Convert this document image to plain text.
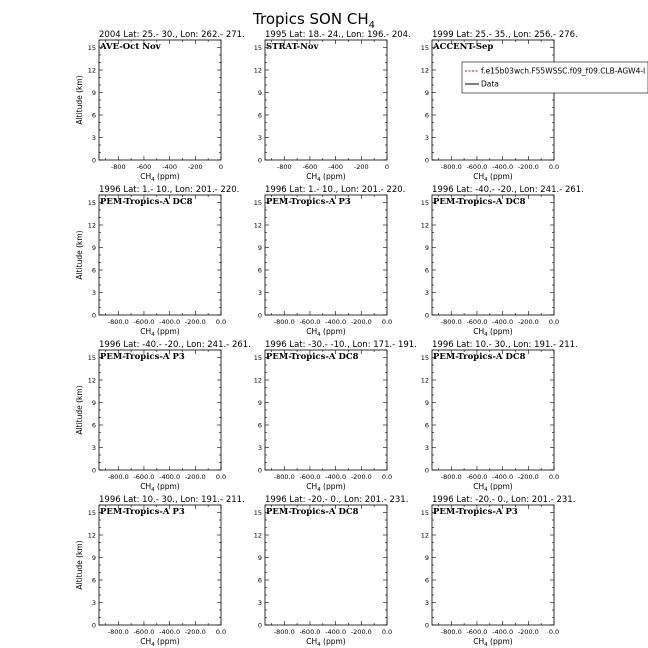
Tropics SON $CH_4$
2004 Lat: 25.- 30., Lon: 262.- 271.
AVE-Oct Nov
0
3
6
9
12
15
-800 -600 -400 -200 0
$CH_4$ (ppm)
Altitude (km)
1995 Lat: 18.- 24., Lon: 196.- 204.
STRAT-Nov
0
3
6
9
12
15
-800 -600 -400 -200 0
$CH_4$ (ppm)
1999 Lat: 25.- 35., Lon: 256.- 276.
ACCENT-Sep
0
3
6
9
12
15
-800.0 -600.0 -400.0 -200.0 0.0
$CH_4$ (ppm)
f.e15b03wch.F55WSSC.f09_f09.CLB-AGW4-I
Data
1996 Lat: 1.- 10., Lon: 201.- 220.
PEM-Tropics-A DC8
0
3
6
9
12
15
-800.0 -600.0 -400.0 -200.0 0.0
$CH_4$ (ppm)
Altitude (km)
1996 Lat: 1.- 10., Lon: 201.- 220.
PEM-Tropics-A P3
0
3
6
9
12
15
-800.0 -600.0 -400.0 -200.0 0.0
$CH_4$ (ppm)
1996 Lat: -40.- -20., Lon: 241.- 261.
PEM-Tropics-A DC8
0
3
6
9
12
15
-800.0 -600.0 -400.0 -200.0 0.0
$CH_4$ (ppm)
1996 Lat: -40.- -20., Lon: 241.- 261.
PEM-Tropics-A P3
0
3
6
9
12
15
-800.0 -600.0 -400.0 -200.0 0.0
$CH_4$ (ppm)
Altitude (km)
1996 Lat: -30.- -10., Lon: 171.- 191.
PEM-Tropics-A DC8
0
3
6
9
12
15
-800.0 -600.0 -400.0 -200.0 0.0
$CH_4$ (ppm)
1996 Lat: 10.- 30., Lon: 191.- 211.
PEM-Tropics-A DC8
0
3
6
9
12
15
-800.0 -600.0 -400.0 -200.0 0.0
$CH_4$ (ppm)
1996 Lat: 10.- 30., Lon: 191.- 211.
PEM-Tropics-A P3
0
3
6
9
12
15
-800.0 -600.0 -400.0 -200.0 0.0
$CH_4$ (ppm)
Altitude (km)
1996 Lat: -20.- 0., Lon: 201.- 231.
PEM-Tropics-A DC8
0
3
6
9
12
15
-800.0 -600.0 -400.0 -200.0 0.0
$CH_4$ (ppm)
1996 Lat: -20.- 0., Lon: 201.- 231.
PEM-Tropics-A P3
0
3
6
9
12
15
-800.0 -600.0 -400.0 -200.0 0.0
$CH_4$ (ppm)
